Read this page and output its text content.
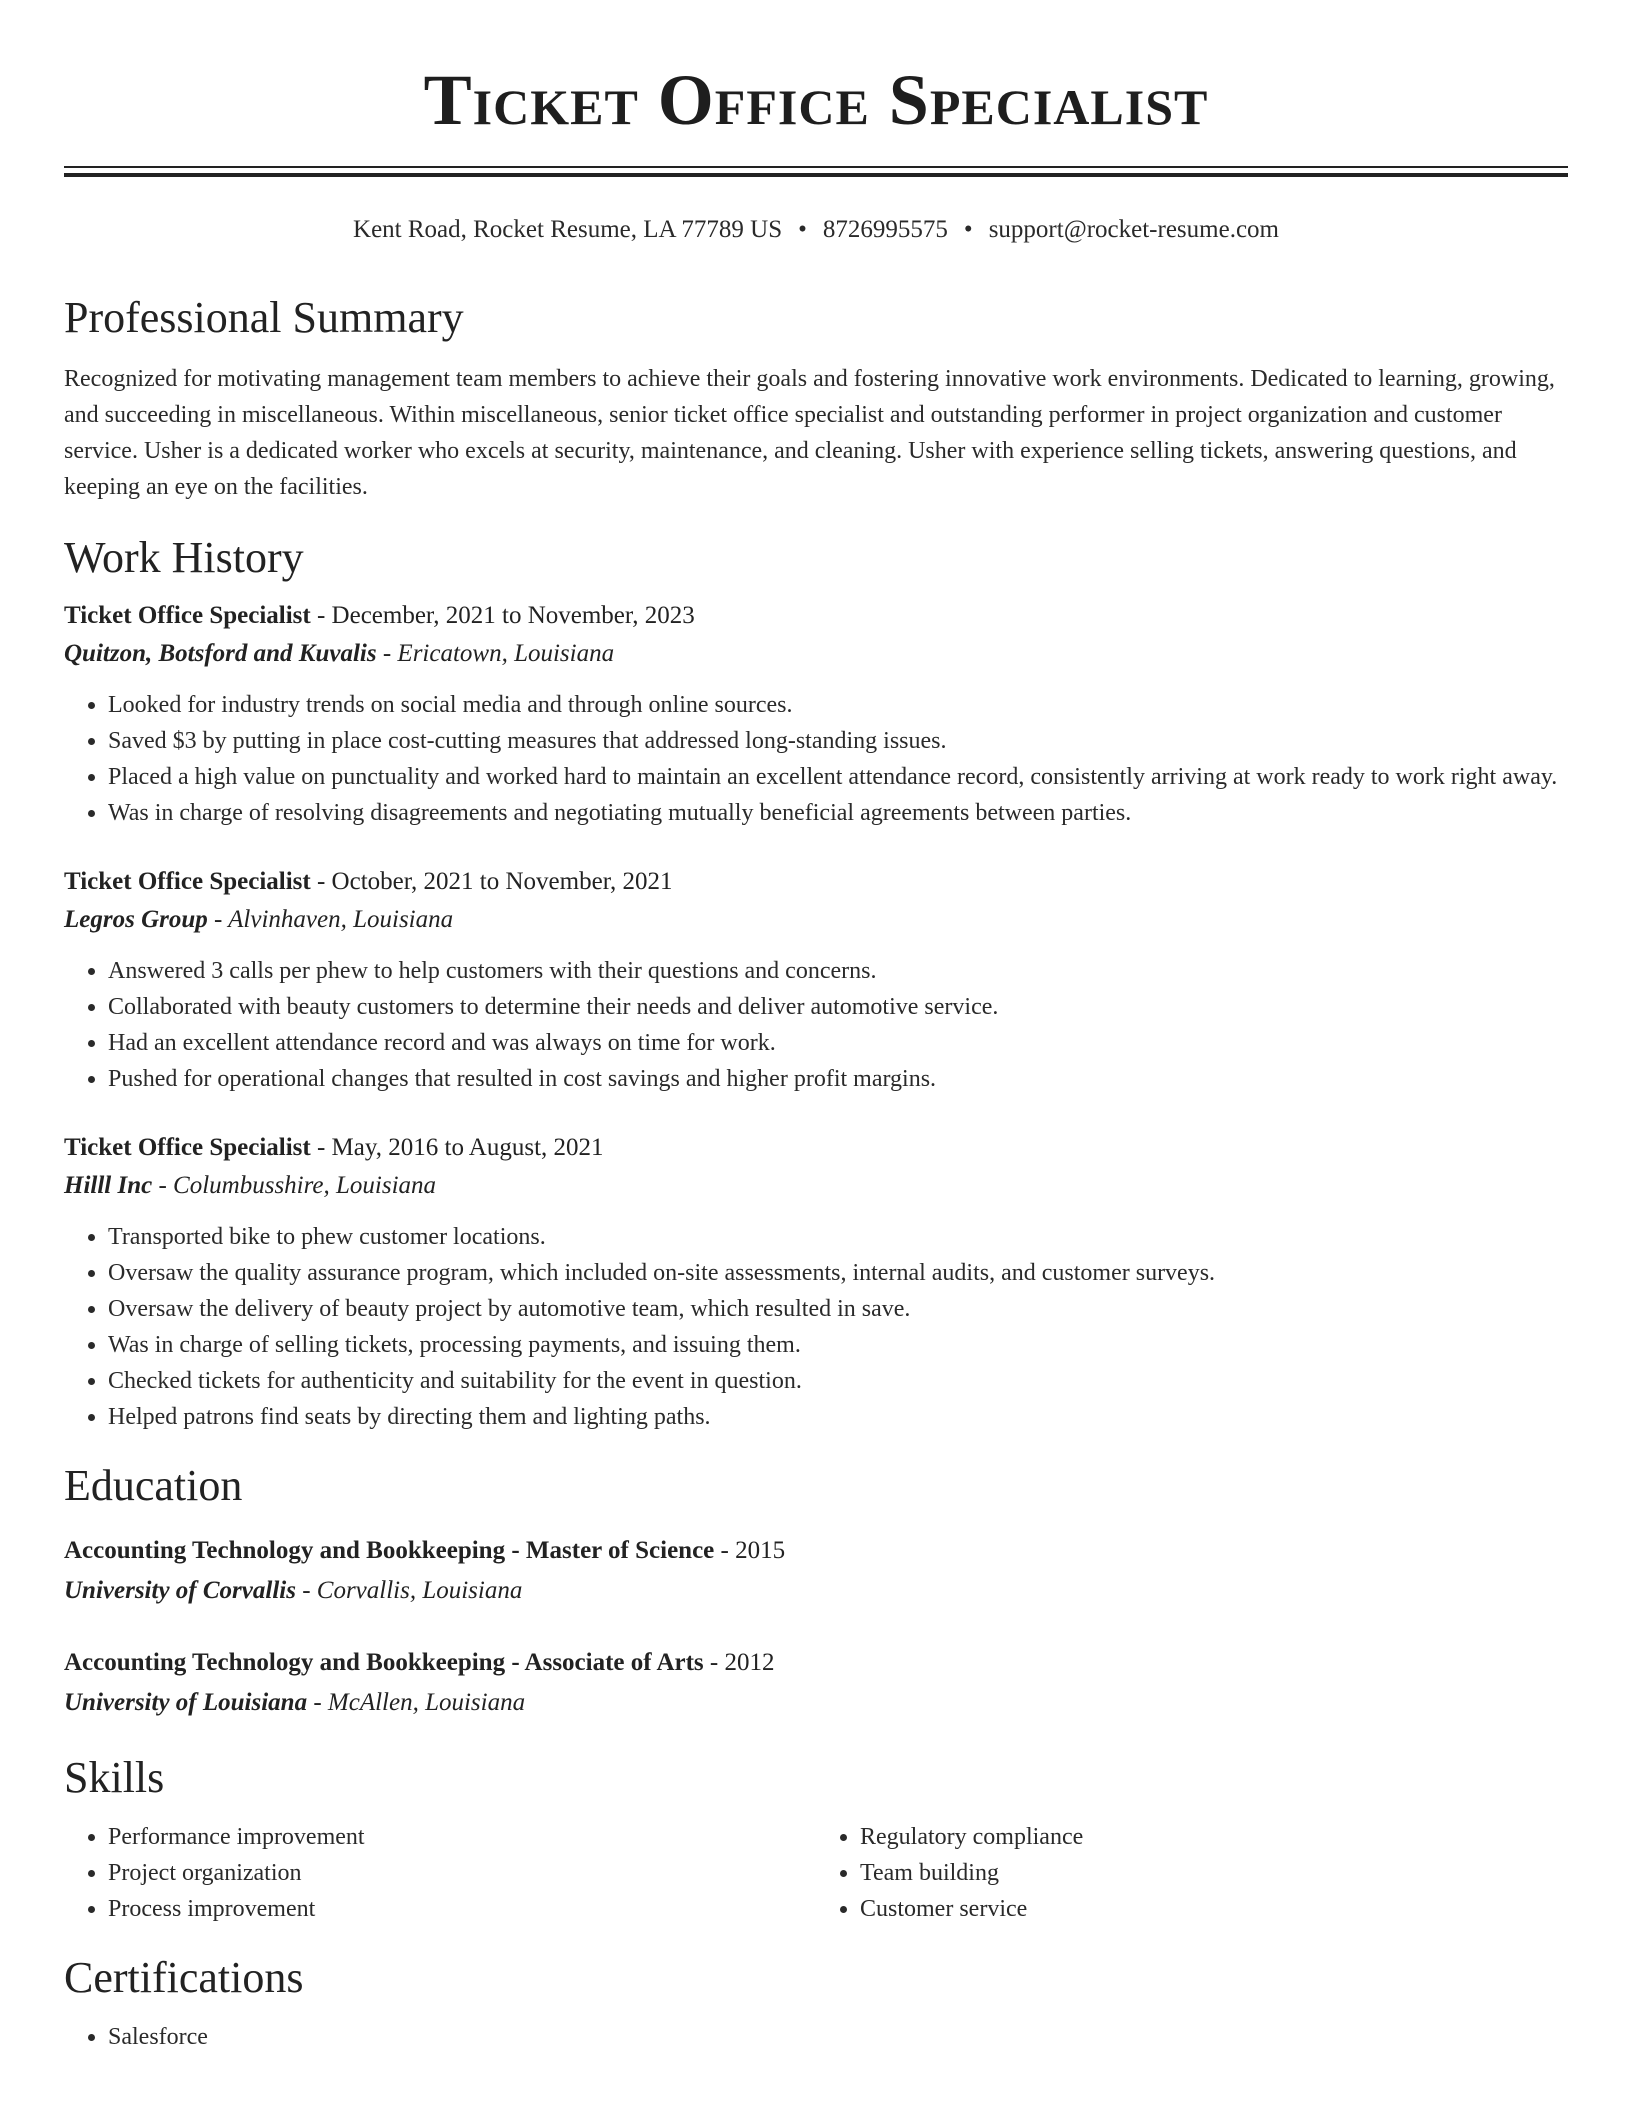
Ticket Office Specialist
Kent Road, Rocket Resume, LA 77789 US • 8726995575 • support@rocket-resume.com
Professional Summary

Recognized for motivating management team members to achieve their goals and fostering innovative work environments. Dedicated to learning, growing, and succeeding in miscellaneous. Within miscellaneous, senior ticket office specialist and outstanding performer in project organization and customer service. Usher is a dedicated worker who excels at security, maintenance, and cleaning. Usher with experience selling tickets, answering questions, and keeping an eye on the facilities.

Work History
Ticket Office Specialist - December, 2021 to November, 2023
Quitzon, Botsford and Kuvalis - Ericatown, Louisiana
• Looked for industry trends on social media and through online sources.
• Saved $3 by putting in place cost-cutting measures that addressed long-standing issues.
• Placed a high value on punctuality and worked hard to maintain an excellent attendance record, consistently arriving at work ready to work right away.
• Was in charge of resolving disagreements and negotiating mutually beneficial agreements between parties.
Ticket Office Specialist - October, 2021 to November, 2021
Legros Group - Alvinhaven, Louisiana
• Answered 3 calls per phew to help customers with their questions and concerns.
• Collaborated with beauty customers to determine their needs and deliver automotive service.
• Had an excellent attendance record and was always on time for work.
• Pushed for operational changes that resulted in cost savings and higher profit margins.
Ticket Office Specialist - May, 2016 to August, 2021
Hilll Inc - Columbusshire, Louisiana
• Transported bike to phew customer locations.
• Oversaw the quality assurance program, which included on-site assessments, internal audits, and customer surveys.
• Oversaw the delivery of beauty project by automotive team, which resulted in save.
• Was in charge of selling tickets, processing payments, and issuing them.
• Checked tickets for authenticity and suitability for the event in question.
• Helped patrons find seats by directing them and lighting paths.
Education
Accounting Technology and Bookkeeping - Master of Science - 2015
University of Corvallis - Corvallis, Louisiana
Accounting Technology and Bookkeeping - Associate of Arts - 2012
University of Louisiana - McAllen, Louisiana
Skills
• Performance improvement
• Project organization
• Process improvement
• Regulatory compliance
• Team building
• Customer service
Certifications
• Salesforce
